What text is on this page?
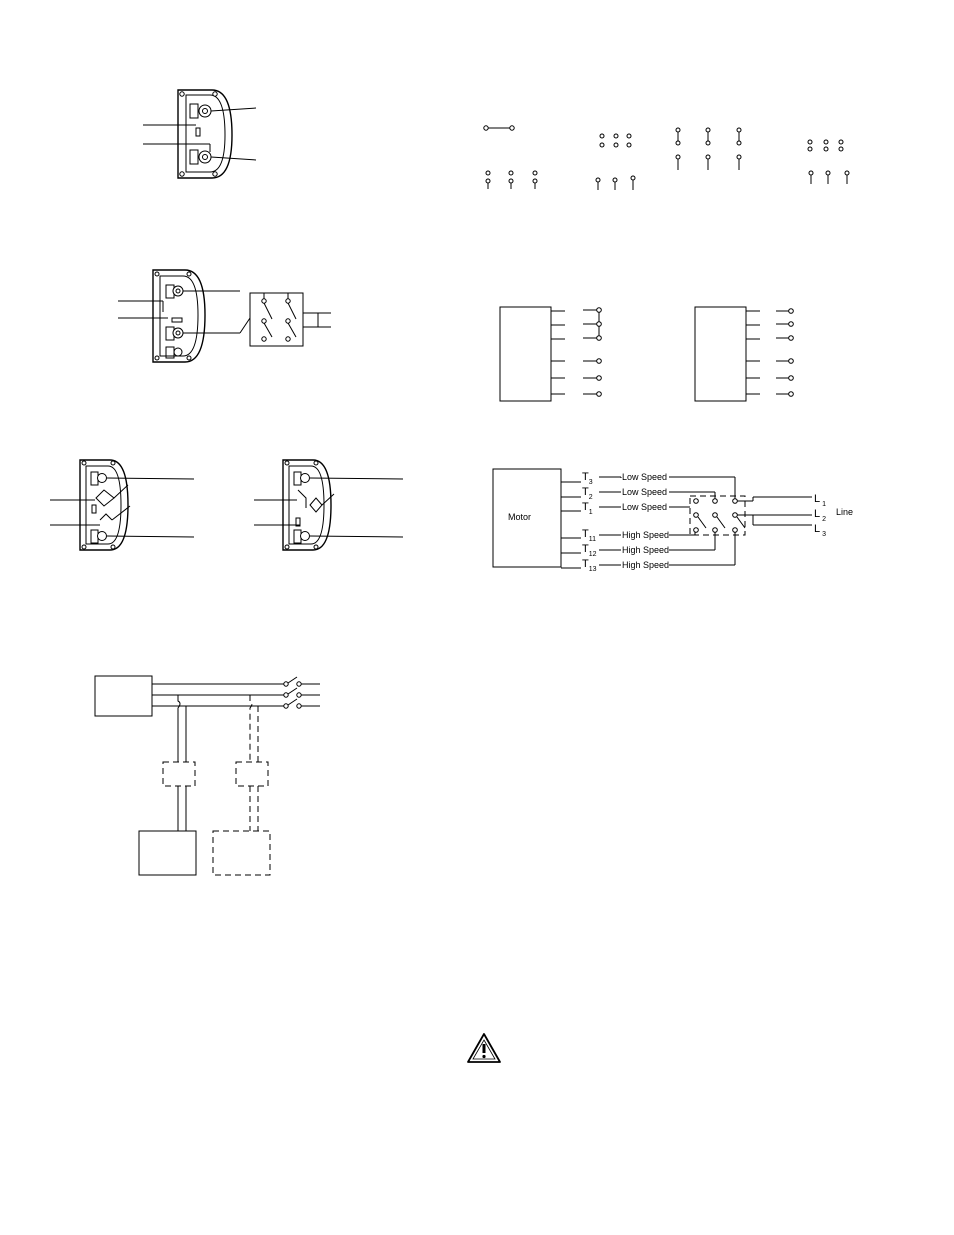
Motor
$T_3$
$T_2$
$T_1$
$T_{11}$
$T_{12}$
$T_{13}$
Low Speed
Low Speed
Low Speed
High Speed
High Speed
High Speed
L $_1$
L $_2$
L $_3$
Line
